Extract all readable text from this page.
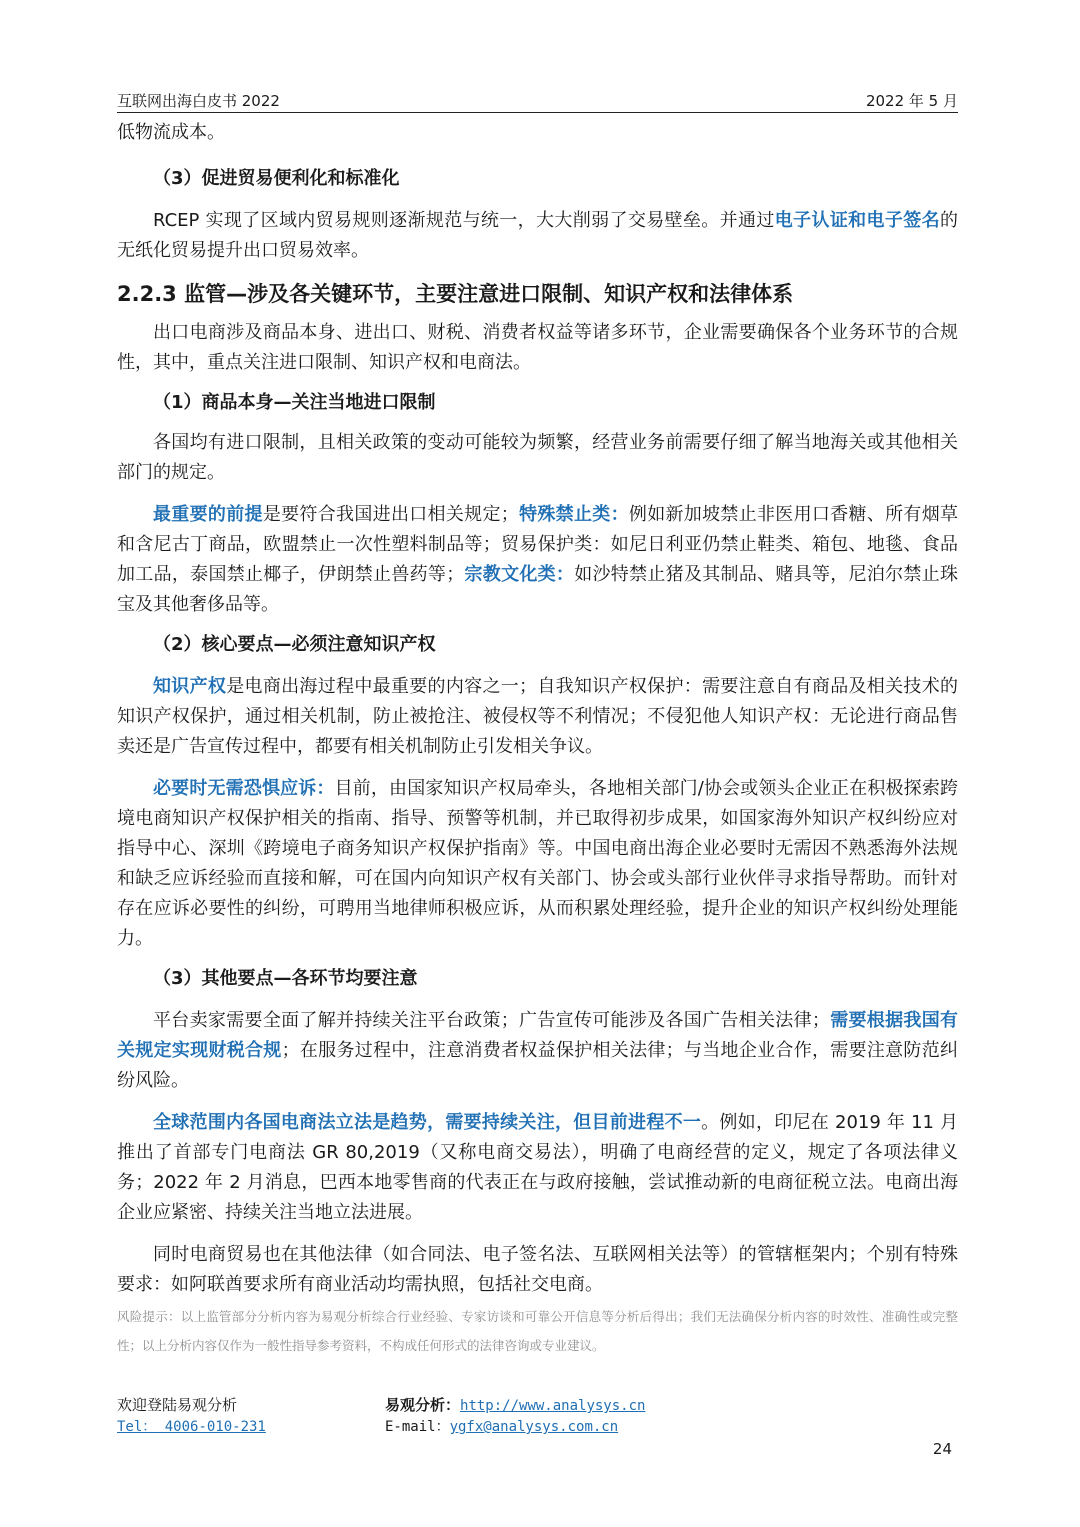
互联网出海白皮书 2022	2022 年 5 月

低物流成本。

（3）促进贸易便利化和标准化

RCEP 实现了区域内贸易规则逐渐规范与统一，大大削弱了交易壁垒。并通过电子认证和电子签名的无纸化贸易提升出口贸易效率。

2.2.3 监管—涉及各关键环节，主要注意进口限制、知识产权和法律体系

出口电商涉及商品本身、进出口、财税、消费者权益等诸多环节，企业需要确保各个业务环节的合规性，其中，重点关注进口限制、知识产权和电商法。

（1）商品本身—关注当地进口限制

各国均有进口限制，且相关政策的变动可能较为频繁，经营业务前需要仔细了解当地海关或其他相关部门的规定。

最重要的前提是要符合我国进出口相关规定；特殊禁止类：例如新加坡禁止非医用口香糖、所有烟草和含尼古丁商品，欧盟禁止一次性塑料制品等；贸易保护类：如尼日利亚仍禁止鞋类、箱包、地毯、食品加工品，泰国禁止椰子，伊朗禁止兽药等；宗教文化类：如沙特禁止猪及其制品、赌具等，尼泊尔禁止珠宝及其他奢侈品等。

（2）核心要点—必须注意知识产权

知识产权是电商出海过程中最重要的内容之一；自我知识产权保护：需要注意自有商品及相关技术的知识产权保护，通过相关机制，防止被抢注、被侵权等不利情况；不侵犯他人知识产权：无论进行商品售卖还是广告宣传过程中，都要有相关机制防止引发相关争议。

必要时无需恐惧应诉：目前，由国家知识产权局牵头，各地相关部门/协会或领头企业正在积极探索跨境电商知识产权保护相关的指南、指导、预警等机制，并已取得初步成果，如国家海外知识产权纠纷应对指导中心、深圳《跨境电子商务知识产权保护指南》等。中国电商出海企业必要时无需因不熟悉海外法规和缺乏应诉经验而直接和解，可在国内向知识产权有关部门、协会或头部行业伙伴寻求指导帮助。而针对存在应诉必要性的纠纷，可聘用当地律师积极应诉，从而积累处理经验，提升企业的知识产权纠纷处理能力。

（3）其他要点—各环节均要注意

平台卖家需要全面了解并持续关注平台政策；广告宣传可能涉及各国广告相关法律；需要根据我国有关规定实现财税合规；在服务过程中，注意消费者权益保护相关法律；与当地企业合作，需要注意防范纠纷风险。

全球范围内各国电商法立法是趋势，需要持续关注，但目前进程不一。例如，印尼在 2019 年 11 月推出了首部专门电商法 GR 80,2019（又称电商交易法），明确了电商经营的定义，规定了各项法律义务；2022 年 2 月消息，巴西本地零售商的代表正在与政府接触，尝试推动新的电商征税立法。电商出海企业应紧密、持续关注当地立法进展。

同时电商贸易也在其他法律（如合同法、电子签名法、互联网相关法等）的管辖框架内；个别有特殊要求：如阿联酋要求所有商业活动均需执照，包括社交电商。

风险提示：以上监管部分分析内容为易观分析综合行业经验、专家访谈和可靠公开信息等分析后得出；我们无法确保分析内容的时效性、准确性或完整性；以上分析内容仅作为一般性指导参考资料，不构成任何形式的法律咨询或专业建议。

欢迎登陆易观分析
Tel： 4006-010-231
易观分析：http://www.analysys.cn
E-mail：ygfx@analysys.com.cn
24
